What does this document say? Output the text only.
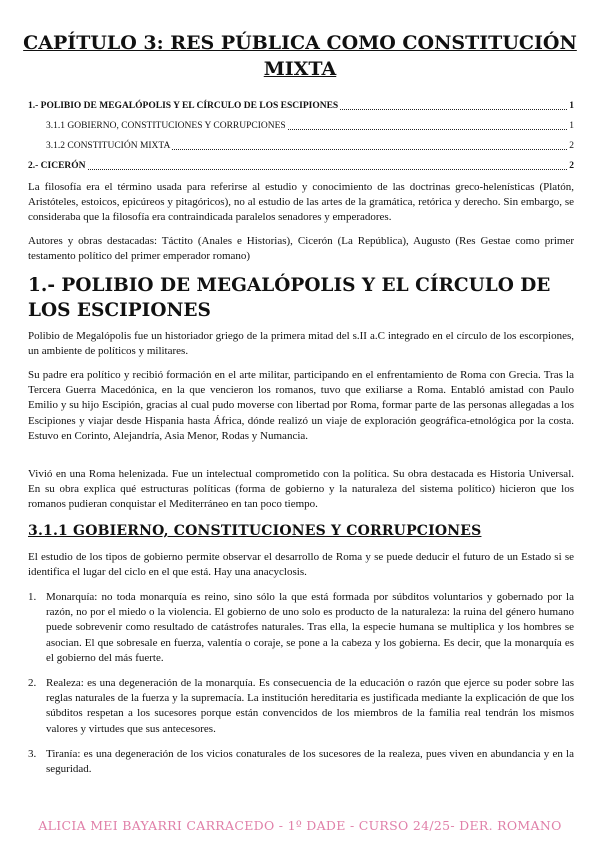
CAPÍTULO 3: RES PÚBLICA COMO CONSTITUCIÓN MIXTA
1.- POLIBIO DE MEGALÓPOLIS Y EL CÍRCULO DE LOS ESCIPIONES	1
3.1.1 GOBIERNO, CONSTITUCIONES Y CORRUPCIONES	1
3.1.2 CONSTITUCIÓN MIXTA	2
2.- CICERÓN	2

La filosofía era el término usada para referirse al estudio y conocimiento de las doctrinas greco-helenísticas (Platón, Aristóteles, estoicos, epicúreos y pitagóricos), no al estudio de las artes de la gramática, retórica y derecho. Sin embargo, se consideraba que la filosofía era contraindicada paralelos senadores y emperadores.

Autores y obras destacadas: Táctito (Anales e Historias), Cicerón (La República), Augusto (Res Gestae como primer testamento político del primer emperador romano)

1.- POLIBIO DE MEGALÓPOLIS Y EL CÍRCULO DE LOS ESCIPIONES

Polibio de Megalópolis fue un historiador griego de la primera mitad del s.II a.C integrado en el círculo de los escorpiones, un ambiente de políticos y militares.

Su padre era político y recibió formación en el arte militar, participando en el enfrentamiento de Roma con Grecia. Tras la Tercera Guerra Macedónica, en la que vencieron los romanos, tuvo que exiliarse a Roma. Entabló amistad con Paulo Emilio y su hijo Escipión, gracias al cual pudo moverse con libertad por Roma, formar parte de las personas allegadas a los Escipiones y viajar desde Hispania hasta África, dónde realizó un viaje de exploración geográfica-etnológica por la costa. Estuvo en Corinto, Alejandría, Asia Menor, Rodas y Numancia.

Vivió en una Roma helenizada. Fue un intelectual comprometido con la política. Su obra destacada es Historia Universal. En su obra explica qué estructuras políticas (forma de gobierno y la naturaleza del sistema político) hicieron que los romanos pudieran conquistar el Mediterráneo en tan poco tiempo.

3.1.1 GOBIERNO, CONSTITUCIONES Y CORRUPCIONES

El estudio de los tipos de gobierno permite observar el desarrollo de Roma y se puede deducir el futuro de un Estado si se identifica el lugar del ciclo en el que está. Hay una anacyclosis.

1. Monarquía: no toda monarquía es reino, sino sólo la que está formada por súbditos voluntarios y gobernado por la razón, no por el miedo o la violencia. El gobierno de uno solo es producto de la naturaleza: la ruina del género humano puede sobrevenir como resultado de catástrofes naturales. Tras ella, la especie humana se multiplica y los hombres se asocian. El que sobresale en fuerza, valentía o coraje, se pone a la cabeza y los gobierna. Es decir, que la monarquía es el gobierno del más fuerte.
2. Realeza: es una degeneración de la monarquía. Es consecuencia de la educación o razón que ejerce su poder sobre las reglas naturales de la fuerza y la supremacía. La institución hereditaria es justificada mediante la explicación de que los súbditos respetan a los sucesores porque están convencidos de los miembros de la familia real tendrán los mismos valores y virtudes que sus antecesores.
3. Tiranía: es una degeneración de los vicios conaturales de los sucesores de la realeza, pues viven en abundancia y en la seguridad.
ALICIA MEI BAYARRI CARRACEDO - 1º DADE - CURSO 24/25- DER. ROMANO
